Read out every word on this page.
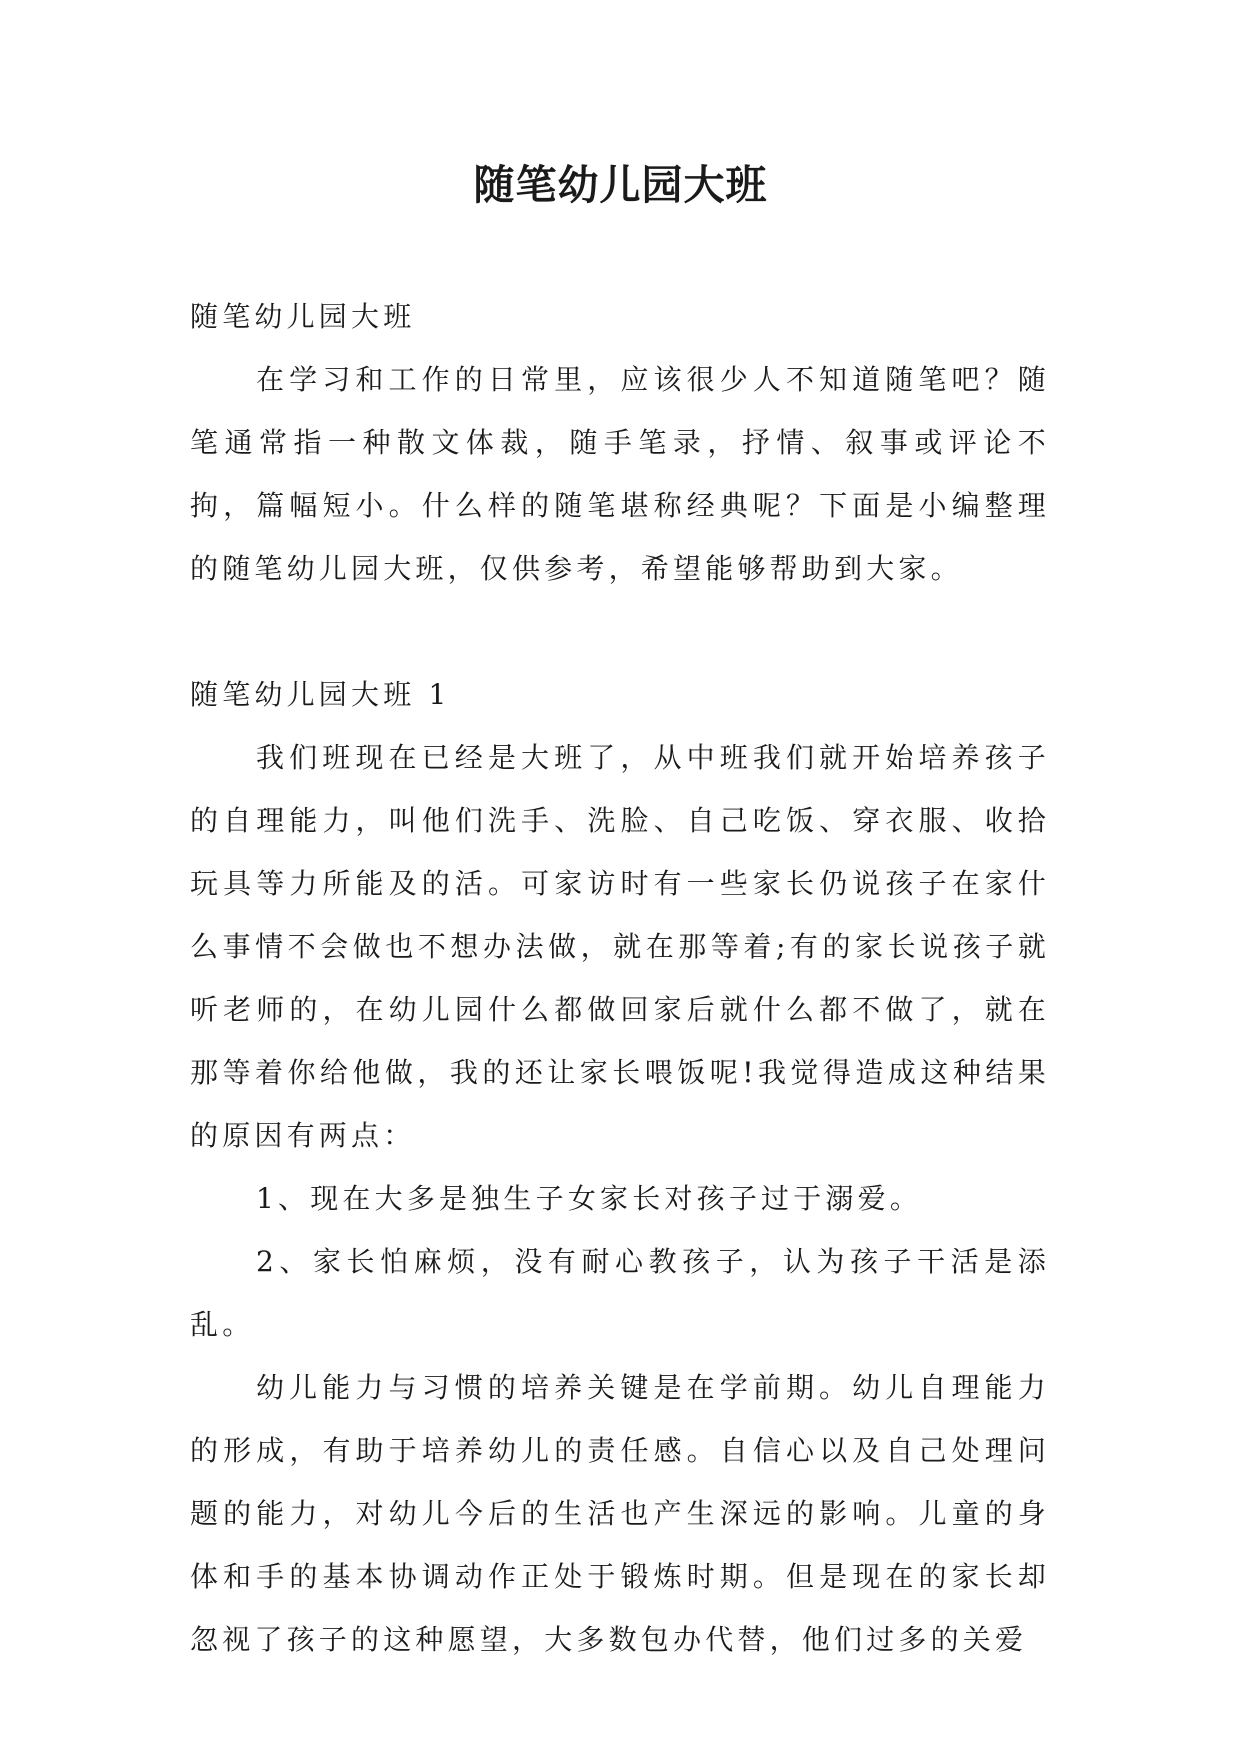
随笔幼儿园大班

随笔幼儿园大班

在学习和工作的日常里，应该很少人不知道随笔吧？随笔通常指一种散文体裁，随手笔录，抒情、叙事或评论不拘，篇幅短小。什么样的随笔堪称经典呢？下面是小编整理的随笔幼儿园大班，仅供参考，希望能够帮助到大家。

随笔幼儿园大班 1

我们班现在已经是大班了，从中班我们就开始培养孩子的自理能力，叫他们洗手、洗脸、自己吃饭、穿衣服、收拾玩具等力所能及的活。可家访时有一些家长仍说孩子在家什么事情不会做也不想办法做，就在那等着;有的家长说孩子就听老师的，在幼儿园什么都做回家后就什么都不做了，就在那等着你给他做，我的还让家长喂饭呢!我觉得造成这种结果的原因有两点：

1、现在大多是独生子女家长对孩子过于溺爱。

2、家长怕麻烦，没有耐心教孩子，认为孩子干活是添乱。

幼儿能力与习惯的培养关键是在学前期。幼儿自理能力的形成，有助于培养幼儿的责任感。自信心以及自己处理问题的能力，对幼儿今后的生活也产生深远的影响。儿童的身体和手的基本协调动作正处于锻炼时期。但是现在的家长却忽视了孩子的这种愿望，大多数包办代替，他们过多的关爱
